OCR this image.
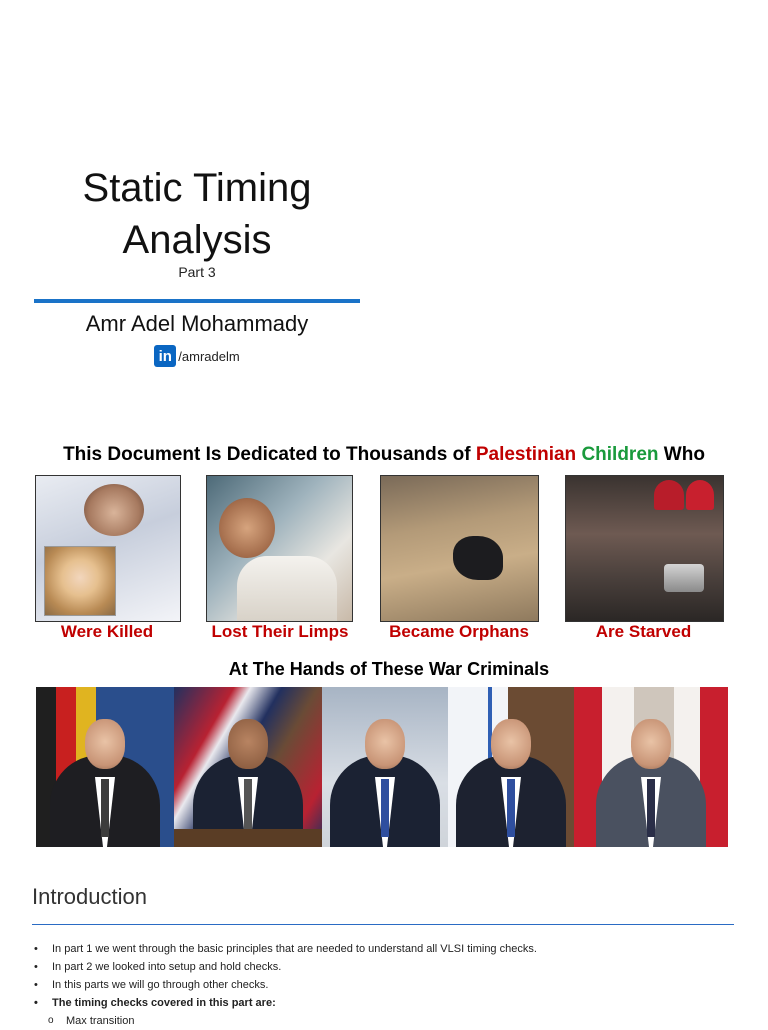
Static Timing Analysis
Part 3
Amr Adel Mohammady
in /amradelm
This Document Is Dedicated to Thousands of Palestinian Children Who
Were Killed	Lost Their Limps	Became Orphans	Are Starved
At The Hands of These War Criminals
Introduction
• In part 1 we went through the basic principles that are needed to understand all VLSI timing checks.
• In part 2 we looked into setup and hold checks.
• In this parts we will go through other checks.
• The timing checks covered in this part are:
o Max transition
